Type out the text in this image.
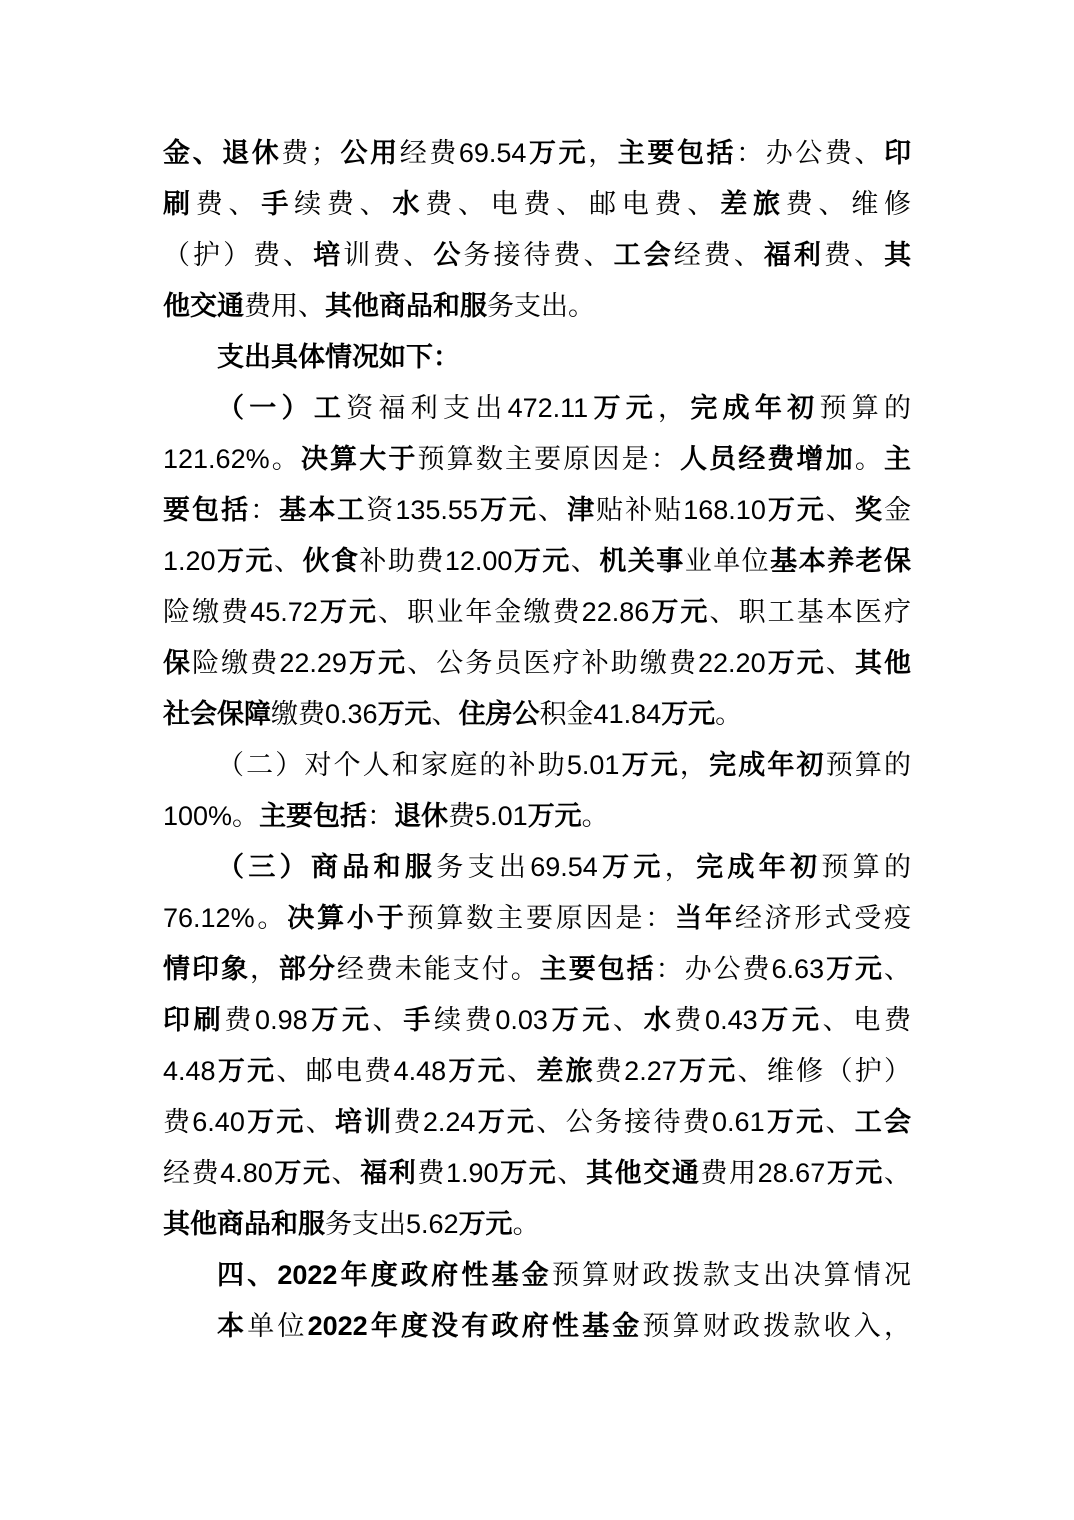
金、退休费；公用经费69.54万元，主要包括：办公费、印
刷费、手续费、水费、电费、邮电费、差旅费、维修
（护）费、培训费、公务接待费、工会经费、福利费、其
他交通费用、其他商品和服务支出。
支出具体情况如下：
（一）工资福利支出472.11万元，完成年初预算的
121.62%。决算大于预算数主要原因是：人员经费增加。主
要包括：基本工资135.55万元、津贴补贴168.10万元、奖金
1.20万元、伙食补助费12.00万元、机关事业单位基本养老保
险缴费45.72万元、职业年金缴费22.86万元、职工基本医疗
保险缴费22.29万元、公务员医疗补助缴费22.20万元、其他
社会保障缴费0.36万元、住房公积金41.84万元。
（二）对个人和家庭的补助5.01万元，完成年初预算的
100%。主要包括：退休费5.01万元。
（三）商品和服务支出69.54万元，完成年初预算的
76.12%。决算小于预算数主要原因是：当年经济形式受疫
情印象，部分经费未能支付。主要包括：办公费6.63万元、
印刷费0.98万元、手续费0.03万元、水费0.43万元、电费
4.48万元、邮电费4.48万元、差旅费2.27万元、维修（护）
费6.40万元、培训费2.24万元、公务接待费0.61万元、工会
经费4.80万元、福利费1.90万元、其他交通费用28.67万元、
其他商品和服务支出5.62万元。
四、2022年度政府性基金预算财政拨款支出决算情况
本单位2022年度没有政府性基金预算财政拨款收入，
